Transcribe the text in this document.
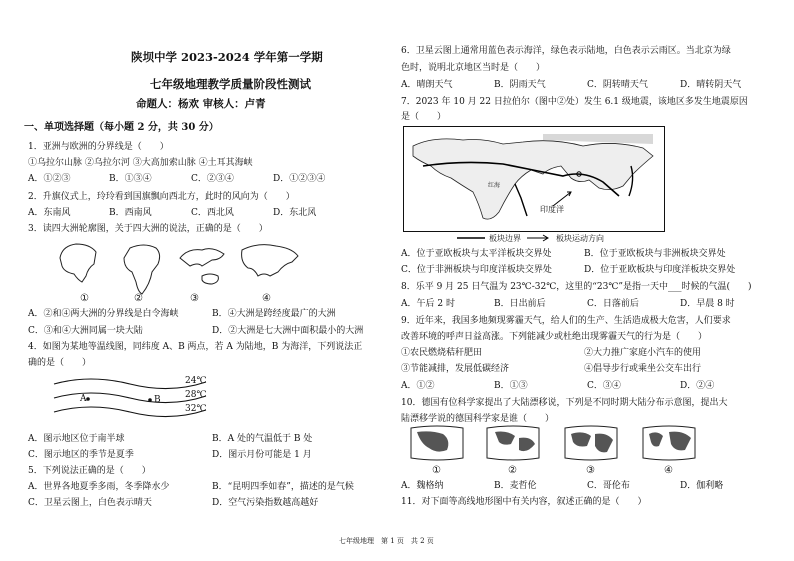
陕坝中学 2023-2024 学年第一学期
七年级地理教学质量阶段性测试
命题人：杨欢 审核人：卢青
一、单项选择题（每小题 2 分，共 30 分）
1．亚洲与欧洲的分界线是（　　）
①乌拉尔山脉 ②乌拉尔河 ③大高加索山脉 ④土耳其海峡
A．①②③	B．①③④	C．②③④	D．①②③④
2．升旗仪式上，玲玲看到国旗飘向西北方，此时的风向为（　　）
A．东南风	B．西南风	C．西北风	D．东北风
3．读四大洲轮廓图，关于四大洲的说法，正确的是（　　）
①	②	③	④
A．②和④两大洲的分界线是白令海峡	B．④大洲是跨经度最广的大洲
C．③和④大洲同属一块大陆	D．②大洲是七大洲中面积最小的大洲
4．如图为某地等温线图，同纬度 A、B 两点，若 A 为陆地，B 为海洋，下列说法正
确的是（　　）
24℃
28℃
32℃
A	B
A．图示地区位于南半球	B．A 处的气温低于 B 处
C．图示地区的季节是夏季	D．图示月份可能是 1 月
5．下列说法正确的是（　　）
A．世界各地夏季多雨，冬季降水少	B．“昆明四季如春”，描述的是气候
C．卫星云图上，白色表示晴天	D．空气污染指数越高越好
6．卫星云图上通常用蓝色表示海洋，绿色表示陆地，白色表示云雨区。当北京为绿
色时，说明北京地区当时是（　　）
A．晴朗天气	B．阴雨天气	C．阴转晴天气	D．晴转阴天气
7．2023 年 10 月 22 日拉伯尔（图中②处）发生 6.1 级地震，该地区多发生地震原因
是（　　）
印度洋
红海
板块边界	板块运动方向
A．位于亚欧板块与太平洋板块交界处	B．位于亚欧板块与非洲板块交界处
C．位于非洲板块与印度洋板块交界处	D．位于亚欧板块与印度洋板块交界处
8．乐平 9 月 25 日气温为 23℃-32℃，这里的“23℃”是指一天中___时候的气温(　　)
A．午后 2 时	B．日出前后	C．日落前后	D．早晨 8 时
9．近年来，我国多地频现雾霾天气，给人们的生产、生活造成极大危害，人们要求
改善环境的呼声日益高涨。下列能减少或杜绝出现雾霾天气的行为是（　　）
①农民燃烧秸秆肥田	②大力推广家庭小汽车的使用
③节能减排，发展低碳经济	④倡导步行或乘坐公交车出行
A．①②	B．①③	C．③④	D．②④
10．德国有位科学家提出了大陆漂移说，下列是不同时期大陆分布示意图，提出大
陆漂移学说的德国科学家是谁（　　）
①	②	③	④
A．魏格纳	B．麦哲伦	C．哥伦布	D．伽利略
11．对下面等高线地形图中有关内容，叙述正确的是（　　）
七年级地理　第 1 页　共 2 页
